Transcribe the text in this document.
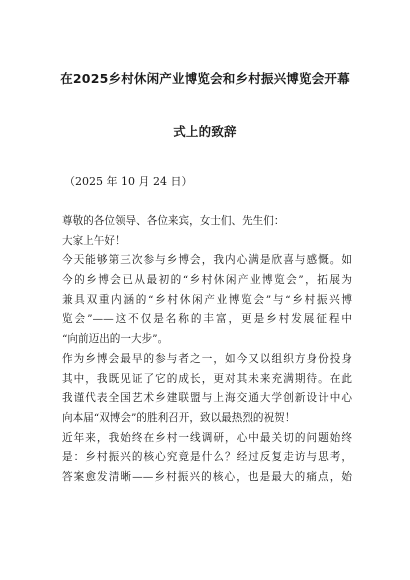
在2025乡村休闲产业博览会和乡村振兴博览会开幕
式上的致辞
（2025 年 10 月 24 日）
尊敬的各位领导、各位来宾，女士们、先生们：
大家上午好！
今天能够第三次参与乡博会，我内心满是欣喜与感慨。如
今的乡博会已从最初的“乡村休闲产业博览会”，拓展为
兼具双重内涵的“乡村休闲产业博览会”与“乡村振兴博
览会”——这不仅是名称的丰富，更是乡村发展征程中
“向前迈出的一大步”。
作为乡博会最早的参与者之一，如今又以组织方身份投身
其中，我既见证了它的成长，更对其未来充满期待。在此
我谨代表全国艺术乡建联盟与上海交通大学创新设计中心
向本届“双博会”的胜利召开，致以最热烈的祝贺！
近年来，我始终在乡村一线调研，心中最关切的问题始终
是：乡村振兴的核心究竟是什么？经过反复走访与思考，
答案愈发清晰——乡村振兴的核心，也是最大的痛点，始
